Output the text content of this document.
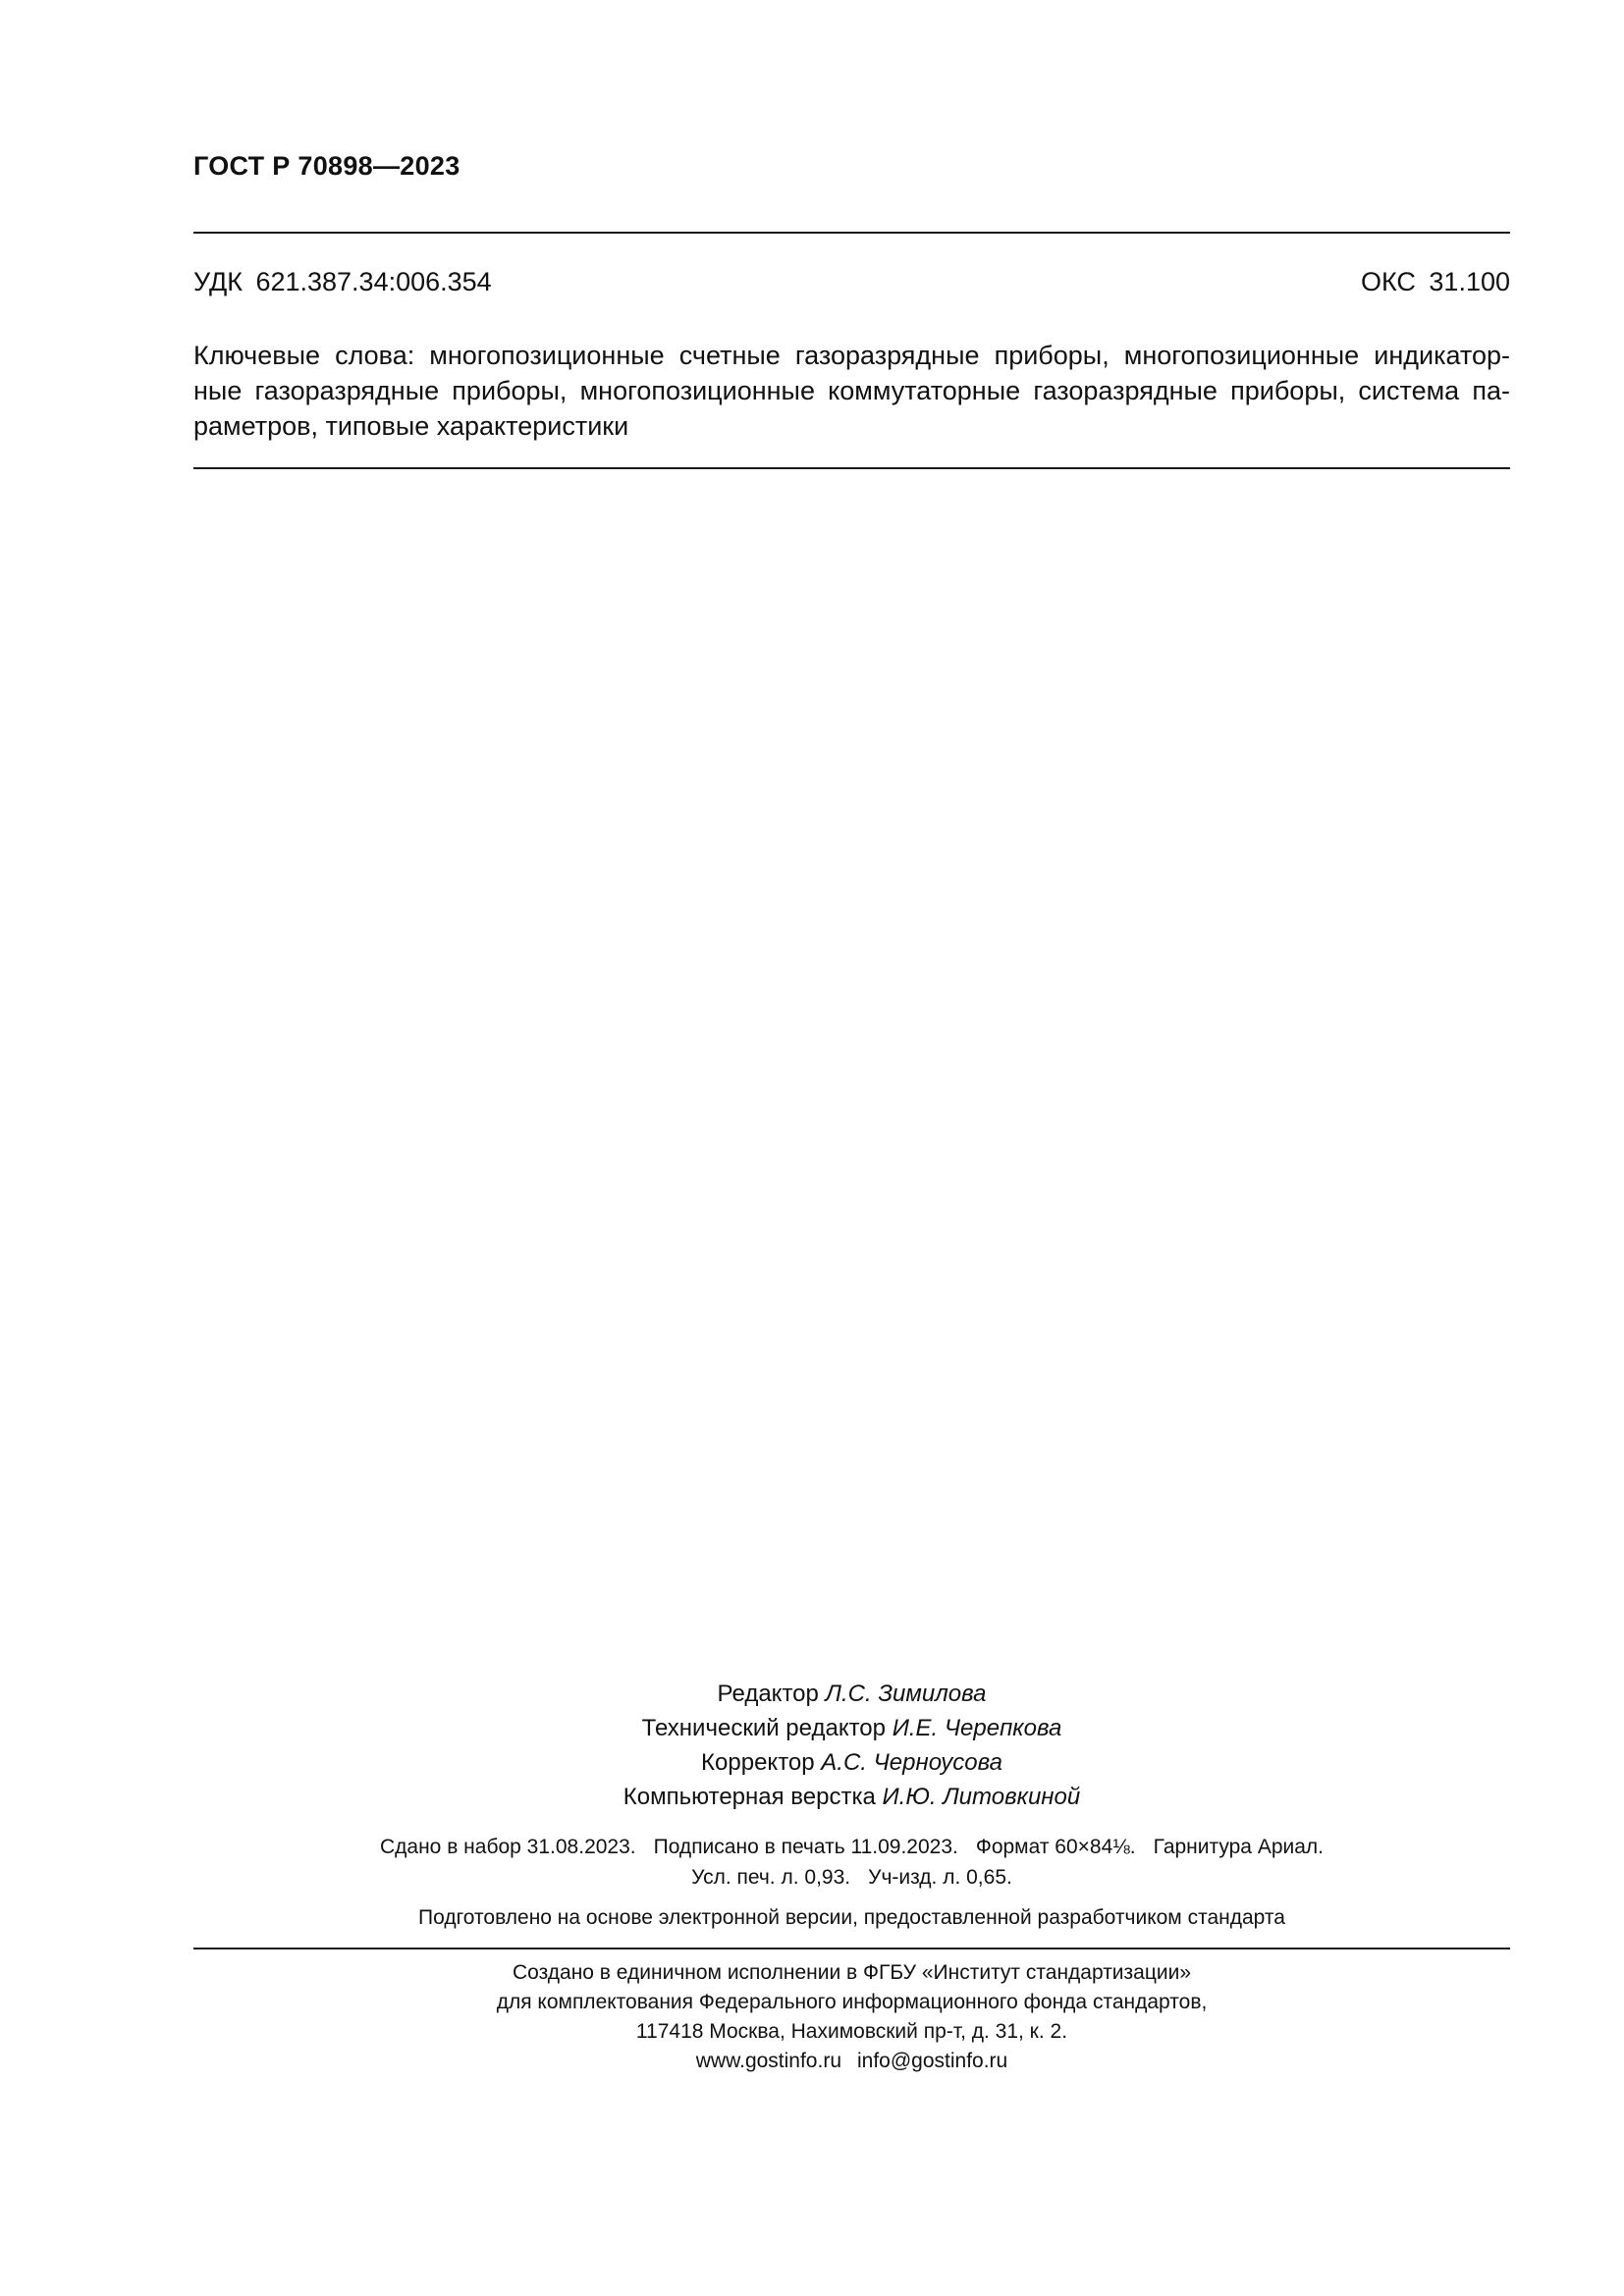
ГОСТ Р 70898—2023
УДК 621.387.34:006.354	ОКС 31.100
Ключевые слова: многопозиционные счетные газоразрядные приборы, многопозиционные индикатор-
ные газоразрядные приборы, многопозиционные коммутаторные газоразрядные приборы, система па-
раметров, типовые характеристики
Редактор Л.С. Зимилова
Технический редактор И.Е. Черепкова
Корректор А.С. Черноусова
Компьютерная верстка И.Ю. Литовкиной
Сдано в набор 31.08.2023. Подписано в печать 11.09.2023. Формат 60×84⅛. Гарнитура Ариал.
Усл. печ. л. 0,93. Уч-изд. л. 0,65.
Подготовлено на основе электронной версии, предоставленной разработчиком стандарта
Создано в единичном исполнении в ФГБУ «Институт стандартизации»
для комплектования Федерального информационного фонда стандартов,
117418 Москва, Нахимовский пр-т, д. 31, к. 2.
www.gostinfo.ru info@gostinfo.ru
